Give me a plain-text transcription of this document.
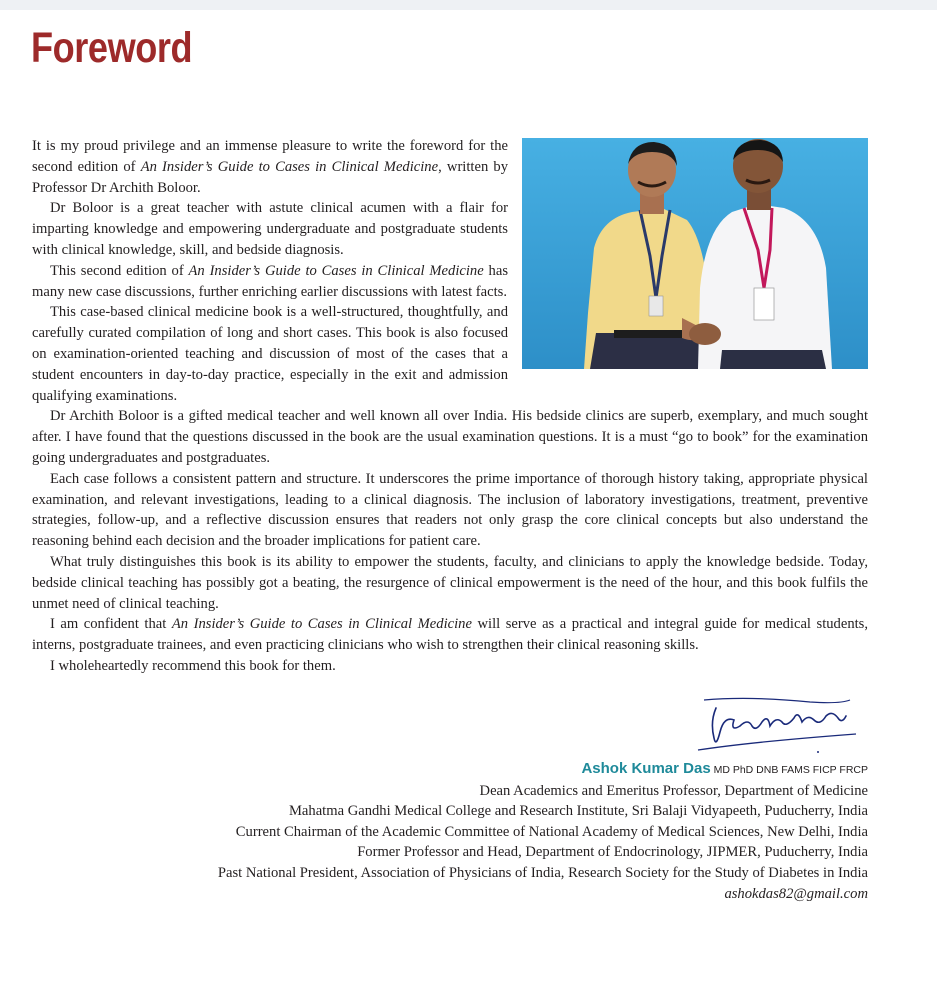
Foreword

It is my proud privilege and an immense pleasure to write the foreword for the second edition of An Insider’s Guide to Cases in Clinical Medicine, written by Professor Dr Archith Boloor.

Dr Boloor is a great teacher with astute clinical acumen with a flair for imparting knowledge and empowering undergraduate and postgraduate students with clinical knowledge, skill, and bedside diagnosis.

This second edition of An Insider’s Guide to Cases in Clinical Medicine has many new case discussions, further enriching earlier discussions with latest facts.

This case-based clinical medicine book is a well-structured, thoughtfully, and carefully curated compilation of long and short cases. This book is also focused on examination-oriented teaching and discussion of most of the cases that a student encounters in day-to-day practice, especially in the exit and admission qualifying examinations.

Dr Archith Boloor is a gifted medical teacher and well known all over India. His bedside clinics are superb, exemplary, and much sought after. I have found that the questions discussed in the book are the usual examination questions. It is a must “go to book” for the examination going undergraduates and postgraduates.

Each case follows a consistent pattern and structure. It underscores the prime importance of thorough history taking, appropriate physical examination, and relevant investigations, leading to a clinical diagnosis. The inclusion of laboratory investigations, treatment, preventive strategies, follow-up, and a reflective discussion ensures that readers not only grasp the core clinical concepts but also understand the reasoning behind each decision and the broader implications for patient care.

What truly distinguishes this book is its ability to empower the students, faculty, and clinicians to apply the knowledge bedside. Today, bedside clinical teaching has possibly got a beating, the resurgence of clinical empowerment is the need of the hour, and this book fulfils the unmet need of clinical teaching.

I am confident that An Insider’s Guide to Cases in Clinical Medicine will serve as a practical and integral guide for medical students, interns, postgraduate trainees, and even practicing clinicians who wish to strengthen their clinical reasoning skills.

I wholeheartedly recommend this book for them.

Ashok Kumar Das MD PhD DNB FAMS FICP FRCP
Dean Academics and Emeritus Professor, Department of Medicine
Mahatma Gandhi Medical College and Research Institute, Sri Balaji Vidyapeeth, Puducherry, India
Current Chairman of the Academic Committee of National Academy of Medical Sciences, New Delhi, India
Former Professor and Head, Department of Endocrinology, JIPMER, Puducherry, India
Past National President, Association of Physicians of India, Research Society for the Study of Diabetes in India
ashokdas82@gmail.com
